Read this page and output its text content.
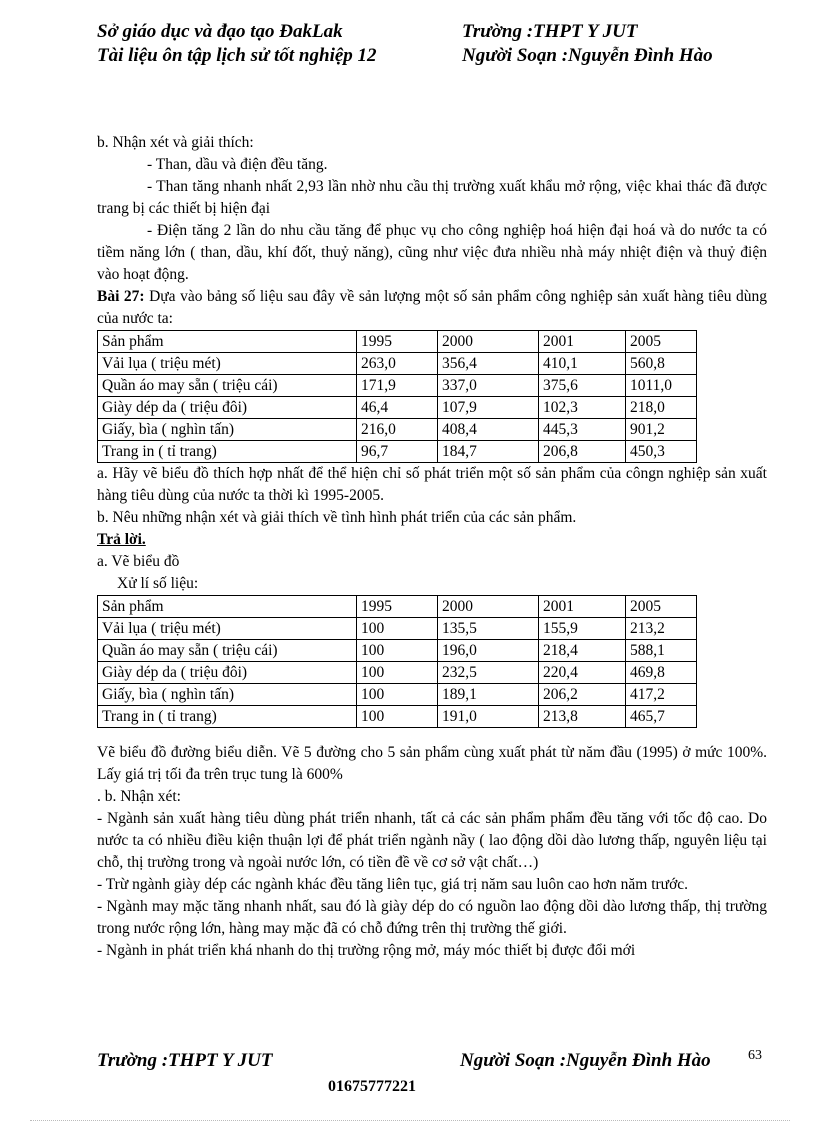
Sở giáo dục và đạo tạo ĐakLak
Tài liệu ôn tập lịch sử tốt nghiệp 12
Trường :THPT Y JUT
Người Soạn :Nguyễn Đình Hào

b. Nhận xét và giải thích:

- Than, dầu và điện đều tăng.

- Than tăng nhanh nhất 2,93 lần nhờ nhu cầu thị trường xuất khẩu mở rộng, việc khai thác đã được trang bị các thiết bị hiện đại

- Điện tăng 2 lần do nhu cầu tăng để phục vụ cho công nghiệp hoá hiện đại hoá và do nước ta có tiềm năng lớn ( than, dầu, khí đốt, thuỷ năng), cũng như việc đưa nhiều nhà máy nhiệt điện và thuỷ điện vào hoạt động.

Bài 27: Dựa vào bảng số liệu sau đây về sản lượng một số sản phẩm công nghiệp sản xuất hàng tiêu dùng của nước ta:

Sản phẩm	1995	2000	2001	2005
Vải lụa ( triệu mét)	263,0	356,4	410,1	560,8
Quần áo may sẵn ( triệu cái)	171,9	337,0	375,6	1011,0
Giày dép da ( triệu đôi)	46,4	107,9	102,3	218,0
Giấy, bìa ( nghìn tấn)	216,0	408,4	445,3	901,2
Trang in ( tỉ trang)	96,7	184,7	206,8	450,3

a. Hãy vẽ biểu đồ thích hợp nhất để thể hiện chỉ số phát triển một số sản phẩm của côngn nghiệp sản xuất hàng tiêu dùng của nước ta thời kì 1995-2005.

b. Nêu những nhận xét và giải thích về tình hình phát triển của các sản phẩm.

Trả lời.

a. Vẽ biểu đồ

Xử lí số liệu:

Sản phẩm	1995	2000	2001	2005
Vải lụa ( triệu mét)	100	135,5	155,9	213,2
Quần áo may sẵn ( triệu cái)	100	196,0	218,4	588,1
Giày dép da ( triệu đôi)	100	232,5	220,4	469,8
Giấy, bìa ( nghìn tấn)	100	189,1	206,2	417,2
Trang in ( tỉ trang)	100	191,0	213,8	465,7

Vẽ biểu đồ đường biểu diễn. Vẽ 5 đường cho 5 sản phẩm cùng xuất phát từ năm đầu (1995) ở mức 100%. Lấy giá trị tối đa trên trục tung là 600%

. b. Nhận xét:

- Ngành sản xuất hàng tiêu dùng phát triển nhanh, tất cả các sản phẩm phẩm đều tăng với tốc độ cao. Do nước ta có nhiều điều kiện thuận lợi để phát triển ngành nầy ( lao động dồi dào lương thấp, nguyên liệu tại chỗ, thị trường trong và ngoài nước lớn, có tiền đề về cơ sở vật chất…)

- Trừ ngành giày dép các ngành khác đều tăng liên tục, giá trị năm sau luôn cao hơn năm trước.

- Ngành may mặc tăng nhanh nhất, sau đó là giày dép do có nguồn lao động dồi dào lương thấp, thị trường trong nước rộng lớn, hàng may mặc đã có chỗ đứng trên thị trường thế giới.

- Ngành in phát triển khá nhanh do thị trường rộng mở, máy móc thiết bị được đổi mới

Trường :THPT Y JUT	Người Soạn :Nguyễn Đình Hào	63
01675777221
